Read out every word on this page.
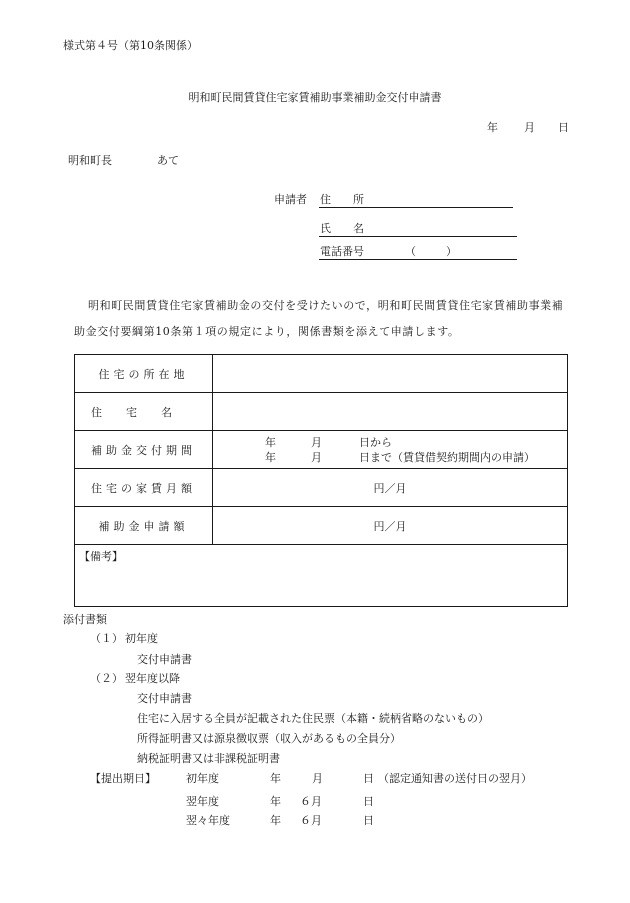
様式第４号（第10条関係）
明和町民間賃貸住宅家賃補助事業補助金交付申請書
年 月 日
明和町長	あて
申請者 住　　所
氏　　名
電話番号	（	）
明和町民間賃貸住宅家賃補助金の交付を受けたいので，明和町民間賃貸住宅家賃補助事業補
助金交付要綱第10条第１項の規定により，関係書類を添えて申請します。
住宅の所在地	
住宅名	
補助金交付期間	年 月 日から
年 月 日まで（賃貸借契約期間内の申請）

住宅の家賃月額	円／月
補助金申請額	円／月
【備考】	
添付書類
（１） 初年度
交付申請書
（２） 翌年度以降
交付申請書
住宅に入居する全員が記載された住民票（本籍・続柄省略のないもの）
所得証明書又は源泉徴収票（収入があるもの全員分）
納税証明書又は非課税証明書
【提出期日】	初年度	年	月	日 （認定通知書の送付日の翌月）
翌年度	年 ６月	日
翌々年度	年 ６月	日
